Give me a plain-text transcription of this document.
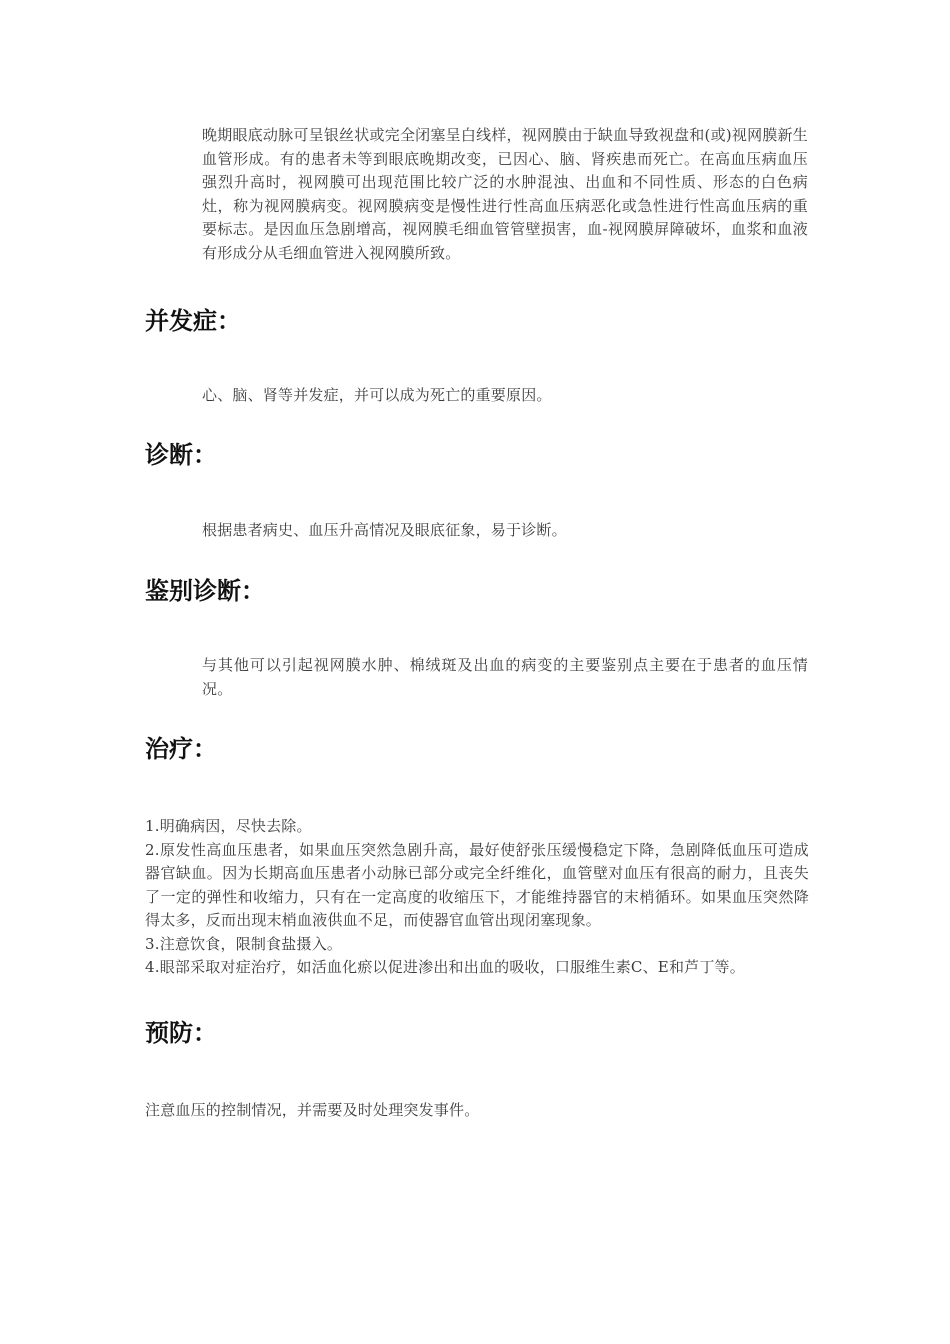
晚期眼底动脉可呈银丝状或完全闭塞呈白线样，视网膜由于缺血导致视盘和(或)视网膜新生血管形成。有的患者未等到眼底晚期改变，已因心、脑、肾疾患而死亡。在高血压病血压强烈升高时，视网膜可出现范围比较广泛的水肿混浊、出血和不同性质、形态的白色病灶，称为视网膜病变。视网膜病变是慢性进行性高血压病恶化或急性进行性高血压病的重要标志。是因血压急剧增高，视网膜毛细血管管壁损害，血-视网膜屏障破坏，血浆和血液有形成分从毛细血管进入视网膜所致。

并发症：

心、脑、肾等并发症，并可以成为死亡的重要原因。

诊断：

根据患者病史、血压升高情况及眼底征象，易于诊断。

鉴别诊断：

与其他可以引起视网膜水肿、棉绒斑及出血的病变的主要鉴别点主要在于患者的血压情况。

治疗：
1.明确病因，尽快去除。
2.原发性高血压患者，如果血压突然急剧升高，最好使舒张压缓慢稳定下降，急剧降低血压可造成器官缺血。因为长期高血压患者小动脉已部分或完全纤维化，血管壁对血压有很高的耐力，且丧失了一定的弹性和收缩力，只有在一定高度的收缩压下，才能维持器官的末梢循环。如果血压突然降得太多，反而出现末梢血液供血不足，而使器官血管出现闭塞现象。
3.注意饮食，限制食盐摄入。
4.眼部采取对症治疗，如活血化瘀以促进渗出和出血的吸收，口服维生素C、E和芦丁等。
预防：

注意血压的控制情况，并需要及时处理突发事件。
